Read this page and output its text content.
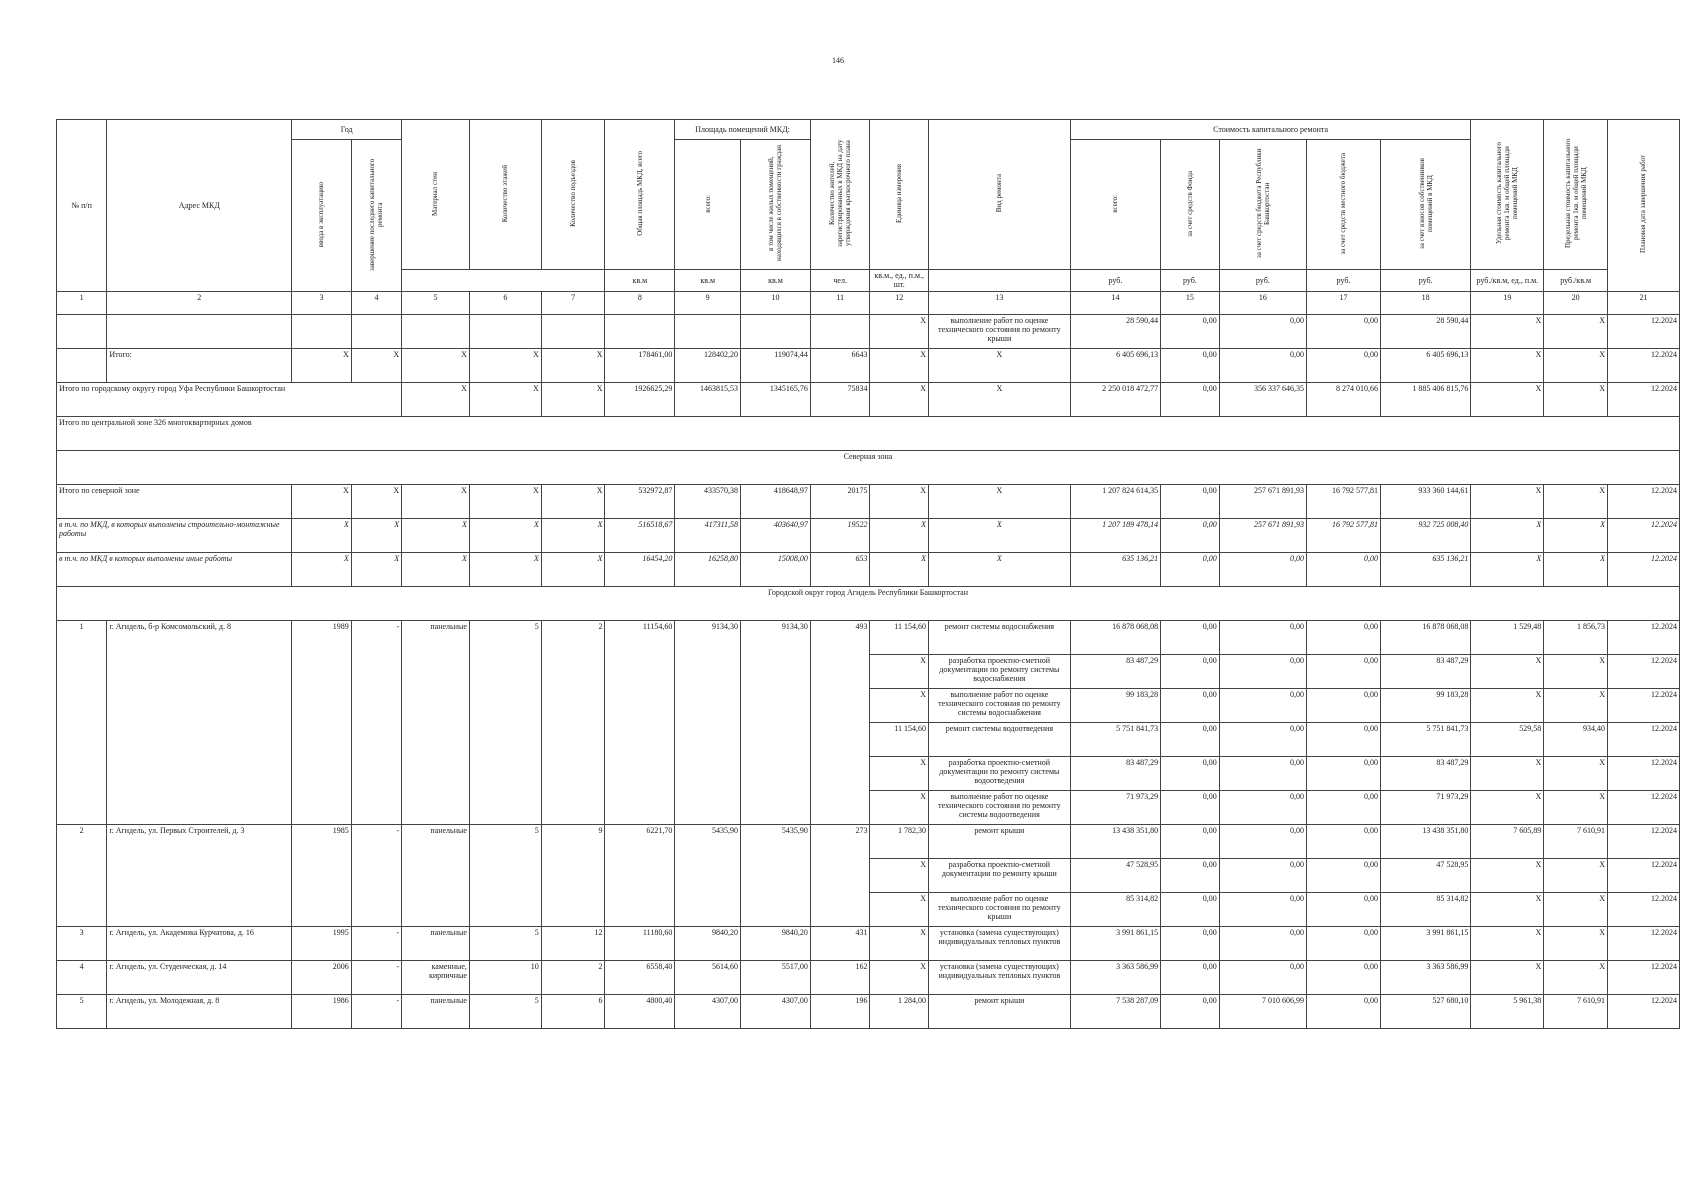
146
№ п/п	Адрес МКД	Год		Материал стен	Количество этажей	Количество подъездов	Общая площадь МКД, всего	Площадь помещений МКД:		Количество жителей, зарегистрированных в МКД на дату утверждения краткосрочного плана	Единица измерения	Вид ремонта	Стоимость капитального ремонта					Удельная стоимость капитального ремонта 1кв. м общей площади помещений МКД	Предельная стоимость капитального ремонта 1кв. м общей площади помещений МКД	Плановая дата завершения работ
		ввода в эксплуатацию	завершение последнего капитального ремонта					всего:	в том числе жилых помещений, находящихся в собственности граждан				всего:	за счет средств Фонда	за счет средств бюджета Республики Башкортостан	за счет средств местного бюджета	за счет взносов собственников помещений в МКД			
							кв.м	кв.м	кв.м	чел.	кв.м., ед., п.м., шт.		руб.	руб.	руб.	руб.	руб.	руб./кв.м, ед., п.м.	руб./кв.м	
1	2	3	4	5	6	7	8	9	10	11	12	13	14	15	16	17	18	19	20	21
											X	выполнение работ по оценке технического состояния по ремонту крыши	28 590,44	0,00	0,00	0,00	28 590,44	X	X	12.2024
	Итого:	X	X	X	X	X	178461,00	128402,20	119074,44	6643	X	X	6 405 696,13	0,00	0,00	0,00	6 405 696,13	X	X	12.2024
Итого по городскому округу город Уфа Республики Башкортостан				X	X	X	1926625,29	1463815,53	1345165,76	75834	X	X	2 250 018 472,77	0,00	356 337 646,35	8 274 010,66	1 885 406 815,76	X	X	12.2024
Итого по центральной зоне 326 многоквартирных домов																				
Северная зона																				
Итого по северной зоне		X	X	X	X	X	532972,87	433570,38	418648,97	20175	X	X	1 207 824 614,35	0,00	257 671 891,93	16 792 577,81	933 360 144,61	X	X	12.2024
в т.ч. по МКД, в которых выполнены строительно-монтажные работы		X	X	X	X	X	516518,67	417311,58	403640,97	19522	X	X	1 207 189 478,14	0,00	257 671 891,93	16 792 577,81	932 725 008,40	X	X	12.2024
в т.ч. по МКД в которых выполнены иные работы		X	X	X	X	X	16454,20	16258,80	15008,00	653	X	X	635 136,21	0,00	0,00	0,00	635 136,21	X	X	12.2024
Городской округ город Агидель Республики Башкортостан																				
1	г. Агидель, б-р Комсомольский, д. 8	1989	-	панельные	5	2	11154,60	9134,30	9134,30	493	11 154,60	ремонт системы водоснабжения	16 878 068,08	0,00	0,00	0,00	16 878 068,08	1 529,48	1 856,73	12.2024
											X	разработка проектно-сметной документации по ремонту системы водоснабжения	83 487,29	0,00	0,00	0,00	83 487,29	X	X	12.2024
											X	выполнение работ по оценке технического состояния по ремонту системы водоснабжения	99 183,28	0,00	0,00	0,00	99 183,28	X	X	12.2024
											11 154,60	ремонт системы водоотведения	5 751 841,73	0,00	0,00	0,00	5 751 841,73	529,58	934,40	12.2024
											X	разработка проектно-сметной документации по ремонту системы водоотведения	83 487,29	0,00	0,00	0,00	83 487,29	X	X	12.2024
											X	выполнение работ по оценке технического состояния по ремонту системы водоотведения	71 973,29	0,00	0,00	0,00	71 973,29	X	X	12.2024
2	г. Агидель, ул. Первых Строителей, д. 3	1985	-	панельные	5	9	6221,70	5435,90	5435,90	273	1 782,30	ремонт крыши	13 438 351,80	0,00	0,00	0,00	13 438 351,80	7 605,89	7 610,91	12.2024
											X	разработка проектно-сметной документации по ремонту крыши	47 528,95	0,00	0,00	0,00	47 528,95	X	X	12.2024
											X	выполнение работ по оценке технического состояния по ремонту крыши	85 314,82	0,00	0,00	0,00	85 314,82	X	X	12.2024
3	г. Агидель, ул. Академика Курчатова, д. 16	1995	-	панельные	5	12	11180,60	9840,20	9840,20	431	X	установка (замена существующих) индивидуальных тепловых пунктов	3 991 861,15	0,00	0,00	0,00	3 991 861,15	X	X	12.2024
4	г. Агидель, ул. Студенческая, д. 14	2006	-	каменные, кирпичные	10	2	6558,40	5614,60	5517,00	162	X	установка (замена существующих) индивидуальных тепловых пунктов	3 363 586,99	0,00	0,00	0,00	3 363 586,99	X	X	12.2024
5	г. Агидель, ул. Молодежная, д. 8	1986	-	панельные	5	6	4800,40	4307,00	4307,00	196	1 284,00	ремонт крыши	7 538 287,09	0,00	7 010 606,99	0,00	527 680,10	5 961,38	7 610,91	12.2024
